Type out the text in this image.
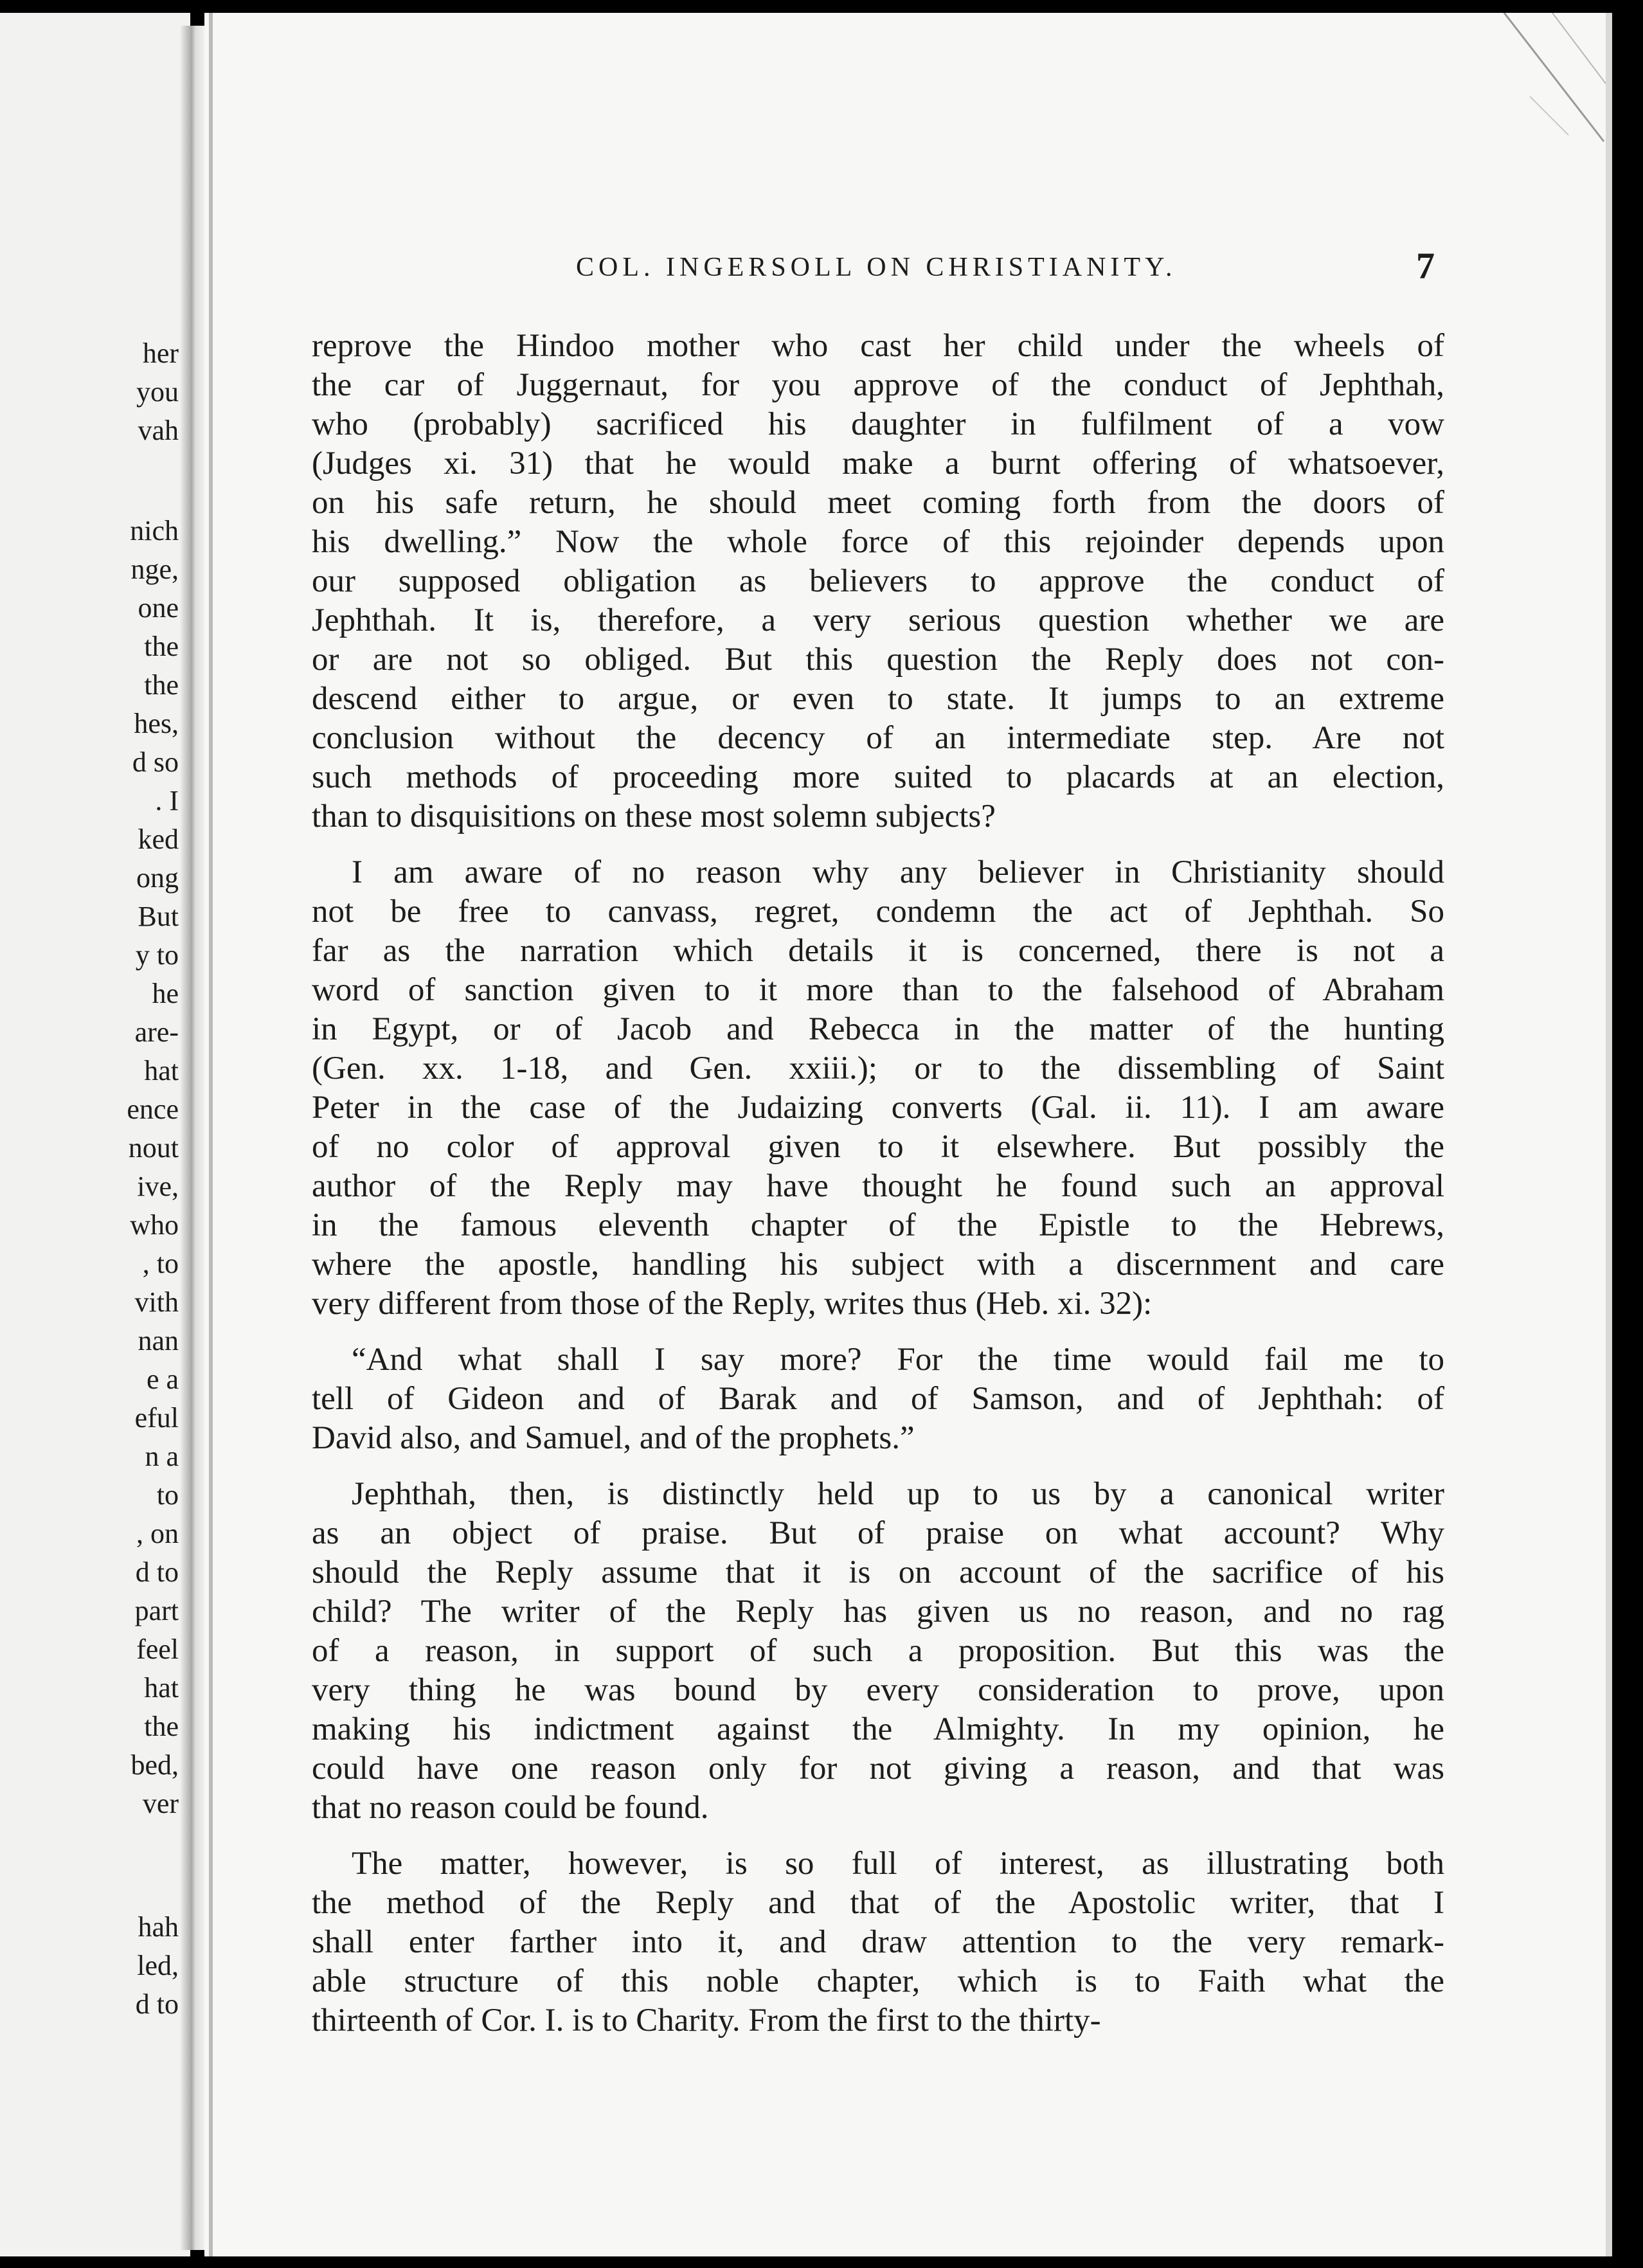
her
you
vah
nich
nge,
one
the
the
hes,
d so
. I
ked
ong
But
y to
he
are-
hat
ence
nout
ive,
who
, to
vith
nan
e a
eful
n a
to
, on
d to
part
feel
hat
the
bed,
ver
hah
led,
d to
COL. INGERSOLL ON CHRISTIANITY.	7
reprove the Hindoo mother who cast her child under the wheels of
the car of Juggernaut, for you approve of the conduct of Jephthah,
who (probably) sacrificed his daughter in fulfilment of a vow
(Judges xi. 31) that he would make a burnt offering of whatsoever,
on his safe return, he should meet coming forth from the doors of
his dwelling.” Now the whole force of this rejoinder depends upon
our supposed obligation as believers to approve the conduct of
Jephthah. It is, therefore, a very serious question whether we are
or are not so obliged. But this question the Reply does not con-
descend either to argue, or even to state. It jumps to an extreme
conclusion without the decency of an intermediate step. Are not
such methods of proceeding more suited to placards at an election,
than to disquisitions on these most solemn subjects?
I am aware of no reason why any believer in Christianity should
not be free to canvass, regret, condemn the act of Jephthah. So
far as the narration which details it is concerned, there is not a
word of sanction given to it more than to the falsehood of Abraham
in Egypt, or of Jacob and Rebecca in the matter of the hunting
(Gen. xx. 1-18, and Gen. xxiii.); or to the dissembling of Saint
Peter in the case of the Judaizing converts (Gal. ii. 11). I am aware
of no color of approval given to it elsewhere. But possibly the
author of the Reply may have thought he found such an approval
in the famous eleventh chapter of the Epistle to the Hebrews,
where the apostle, handling his subject with a discernment and care
very different from those of the Reply, writes thus (Heb. xi. 32):
“And what shall I say more? For the time would fail me to
tell of Gideon and of Barak and of Samson, and of Jephthah: of
David also, and Samuel, and of the prophets.”
Jephthah, then, is distinctly held up to us by a canonical writer
as an object of praise. But of praise on what account? Why
should the Reply assume that it is on account of the sacrifice of his
child? The writer of the Reply has given us no reason, and no rag
of a reason, in support of such a proposition. But this was the
very thing he was bound by every consideration to prove, upon
making his indictment against the Almighty. In my opinion, he
could have one reason only for not giving a reason, and that was
that no reason could be found.
The matter, however, is so full of interest, as illustrating both
the method of the Reply and that of the Apostolic writer, that I
shall enter farther into it, and draw attention to the very remark-
able structure of this noble chapter, which is to Faith what the
thirteenth of Cor. I. is to Charity. From the first to the thirty-
